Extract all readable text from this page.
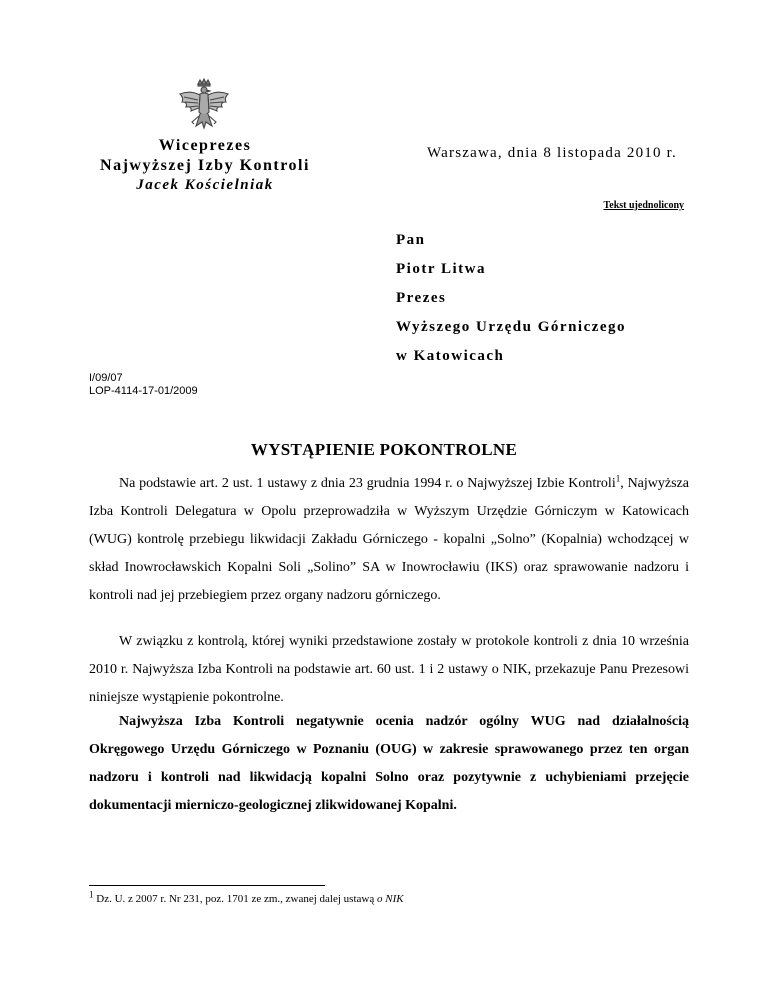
Wiceprezes
Najwyższej Izby Kontroli
Jacek Kościelniak
Warszawa, dnia 8 listopada 2010 r.
Tekst ujednolicony
Pan
Piotr Litwa
Prezes
Wyższego Urzędu Górniczego
w Katowicach
I/09/07
LOP-4114-17-01/2009
WYSTĄPIENIE POKONTROLNE
Na podstawie art. 2 ust. 1 ustawy z dnia 23 grudnia 1994 r. o Najwyższej Izbie Kontroli$^1$, Najwyższa Izba Kontroli Delegatura w Opolu przeprowadziła w Wyższym Urzędzie Górniczym w Katowicach (WUG) kontrolę przebiegu likwidacji Zakładu Górniczego - kopalni „Solno” (Kopalnia) wchodzącej w skład Inowrocławskich Kopalni Soli „Solino” SA w Inowrocławiu (IKS) oraz sprawowanie nadzoru i kontroli nad jej przebiegiem przez organy nadzoru górniczego.
W związku z kontrolą, której wyniki przedstawione zostały w protokole kontroli z dnia 10 września 2010 r. Najwyższa Izba Kontroli na podstawie art. 60 ust. 1 i 2 ustawy o NIK, przekazuje Panu Prezesowi niniejsze wystąpienie pokontrolne.
Najwyższa Izba Kontroli negatywnie ocenia nadzór ogólny WUG nad działalnością Okręgowego Urzędu Górniczego w Poznaniu (OUG) w zakresie sprawowanego przez ten organ nadzoru i kontroli nad likwidacją kopalni Solno oraz pozytywnie z uchybieniami przejęcie dokumentacji mierniczo-geologicznej zlikwidowanej Kopalni.
$^1$ Dz. U. z 2007 r. Nr 231, poz. 1701 ze zm., zwanej dalej ustawą o NIK
